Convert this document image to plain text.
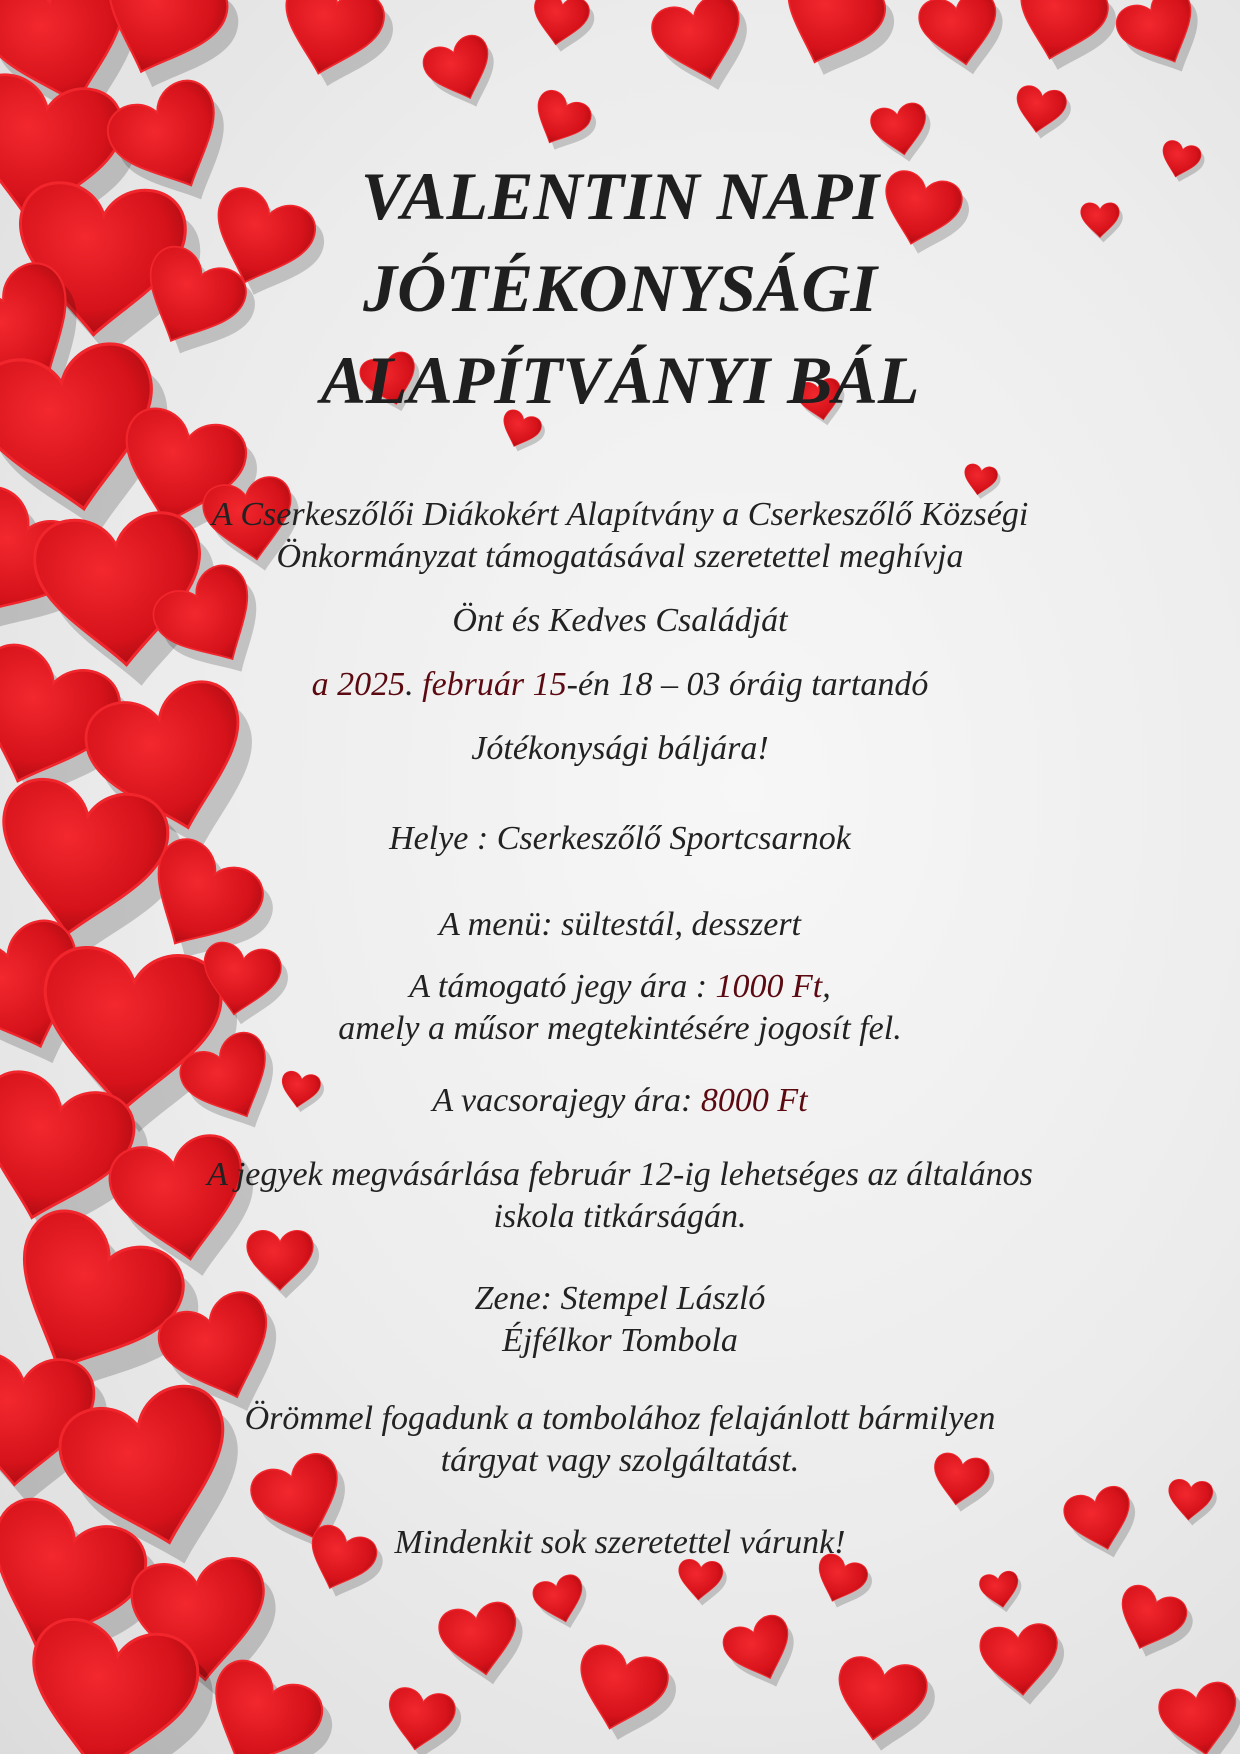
VALENTIN NAPI
JÓTÉKONYSÁGI
ALAPÍTVÁNYI BÁL

A Cserkeszőlői Diákokért Alapítvány a Cserkeszőlő Községi

Önkormányzat támogatásával szeretettel meghívja

Önt és Kedves Családját

a 2025. február 15-én 18 – 03 óráig tartandó

Jótékonysági báljára!

Helye : Cserkeszőlő Sportcsarnok

A menü: sültestál, desszert

A támogató jegy ára : 1000 Ft,

amely a műsor megtekintésére jogosít fel.

A vacsorajegy ára: 8000 Ft

A jegyek megvásárlása február 12-ig lehetséges az általános

iskola titkárságán.

Zene: Stempel László

Éjfélkor Tombola

Örömmel fogadunk a tombolához felajánlott bármilyen

tárgyat vagy szolgáltatást.

Mindenkit sok szeretettel várunk!
